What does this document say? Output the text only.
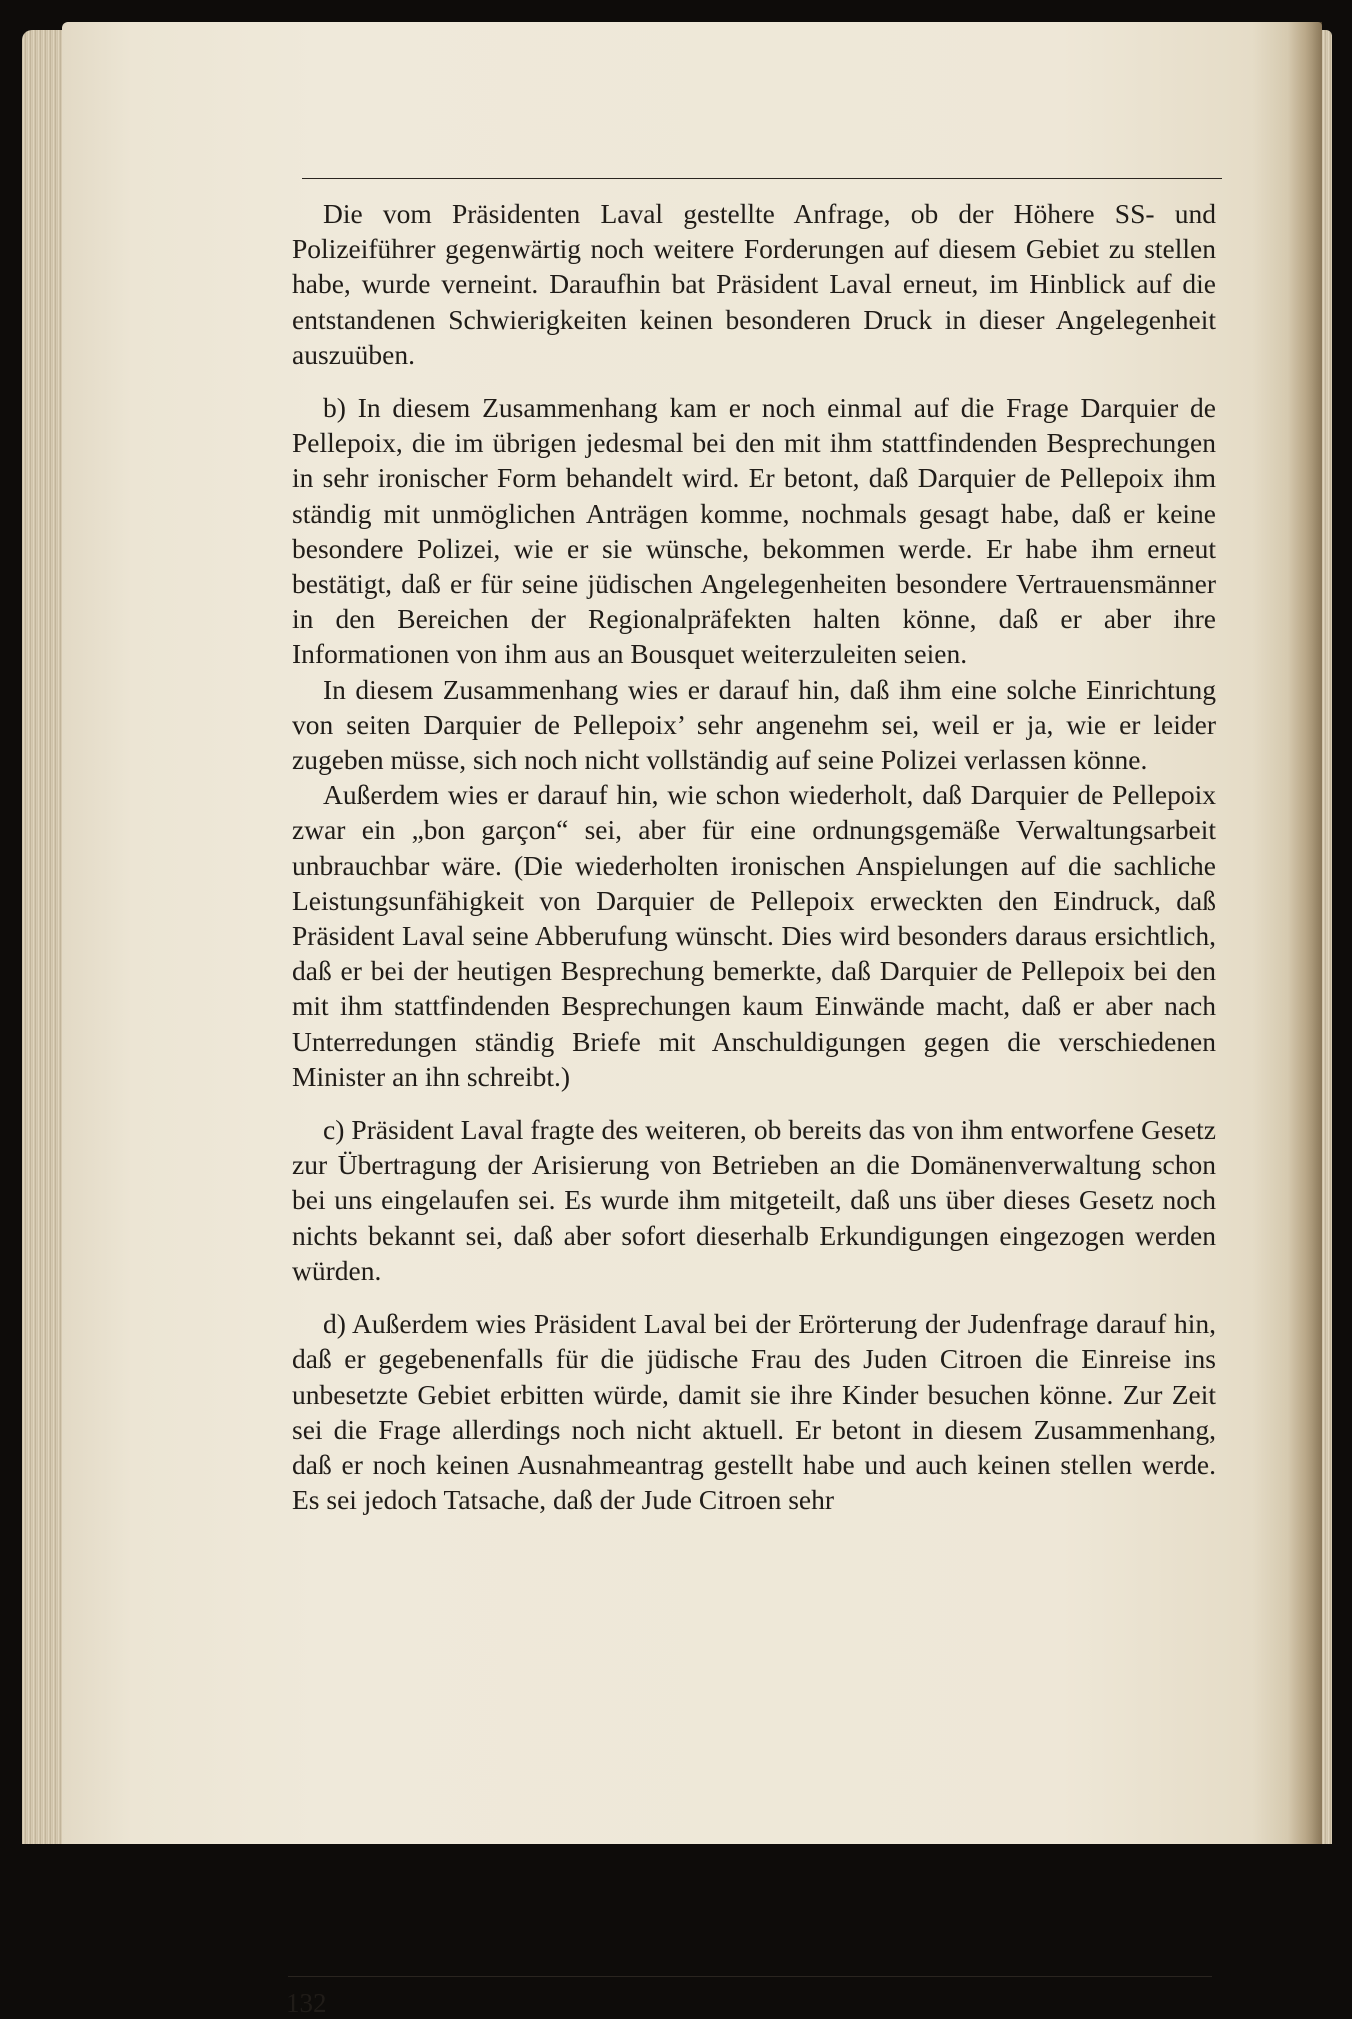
Die vom Präsidenten Laval gestellte Anfrage, ob der Höhere SS- und Polizeiführer gegenwärtig noch weitere Forderungen auf diesem Gebiet zu stellen habe, wurde verneint. Daraufhin bat Präsident Laval erneut, im Hinblick auf die entstandenen Schwierigkeiten keinen besonderen Druck in dieser Angelegenheit auszuüben.

b) In diesem Zusammenhang kam er noch einmal auf die Frage Darquier de Pellepoix, die im übrigen jedesmal bei den mit ihm stattfindenden Besprechungen in sehr ironischer Form behandelt wird. Er betont, daß Darquier de Pellepoix ihm ständig mit unmöglichen Anträgen komme, nochmals gesagt habe, daß er keine besondere Polizei, wie er sie wünsche, bekommen werde. Er habe ihm erneut bestätigt, daß er für seine jüdischen Angelegenheiten besondere Vertrauensmänner in den Bereichen der Regionalpräfekten halten könne, daß er aber ihre Informationen von ihm aus an Bousquet weiterzuleiten seien.

In diesem Zusammenhang wies er darauf hin, daß ihm eine solche Einrichtung von seiten Darquier de Pellepoix’ sehr angenehm sei, weil er ja, wie er leider zugeben müsse, sich noch nicht vollständig auf seine Polizei verlassen könne.

Außerdem wies er darauf hin, wie schon wiederholt, daß Darquier de Pellepoix zwar ein „bon garçon“ sei, aber für eine ordnungsgemäße Verwaltungsarbeit unbrauchbar wäre. (Die wiederholten ironischen Anspielungen auf die sachliche Leistungsunfähigkeit von Darquier de Pellepoix erweckten den Eindruck, daß Präsident Laval seine Abberufung wünscht. Dies wird besonders daraus ersichtlich, daß er bei der heutigen Besprechung bemerkte, daß Darquier de Pellepoix bei den mit ihm stattfindenden Besprechungen kaum Einwände macht, daß er aber nach Unterredungen ständig Briefe mit Anschuldigungen gegen die verschiedenen Minister an ihn schreibt.)

c) Präsident Laval fragte des weiteren, ob bereits das von ihm entworfene Gesetz zur Übertragung der Arisierung von Betrieben an die Domänenverwaltung schon bei uns eingelaufen sei. Es wurde ihm mitgeteilt, daß uns über dieses Gesetz noch nichts bekannt sei, daß aber sofort dieserhalb Erkundigungen eingezogen werden würden.

d) Außerdem wies Präsident Laval bei der Erörterung der Judenfrage darauf hin, daß er gegebenenfalls für die jüdische Frau des Juden Citroen die Einreise ins unbesetzte Gebiet erbitten würde, damit sie ihre Kinder besuchen könne. Zur Zeit sei die Frage allerdings noch nicht aktuell. Er betont in diesem Zusammenhang, daß er noch keinen Ausnahmeantrag gestellt habe und auch keinen stellen werde. Es sei jedoch Tatsache, daß der Jude Citroen sehr

132
